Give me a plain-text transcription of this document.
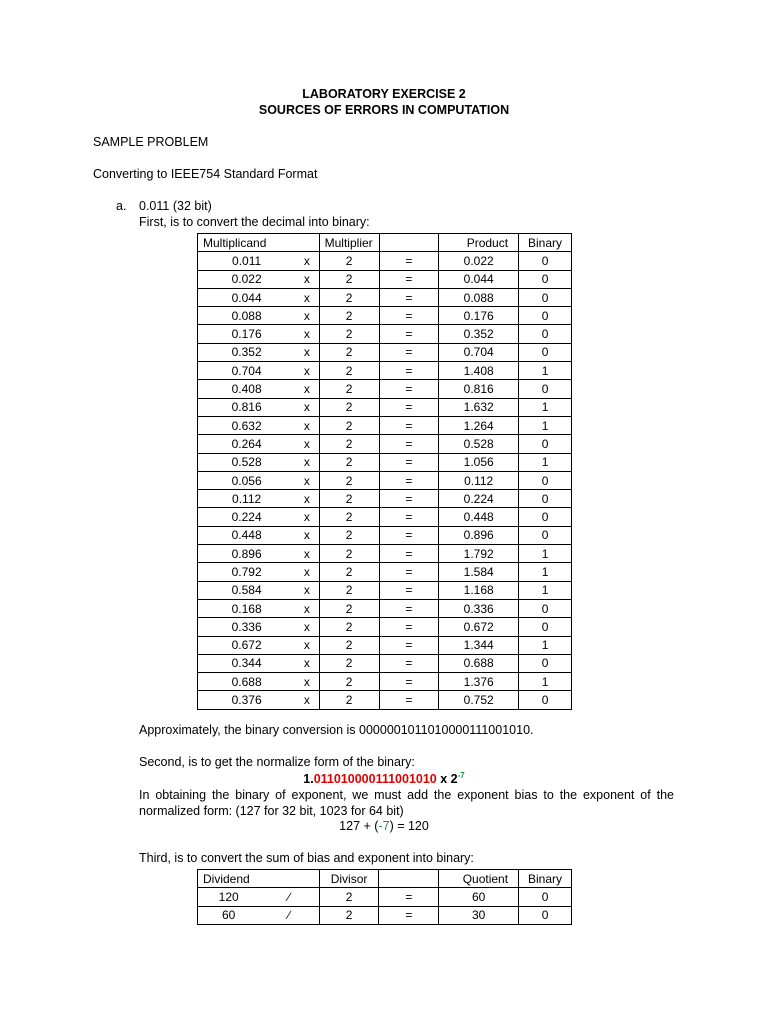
LABORATORY EXERCISE 2
SOURCES OF ERRORS IN COMPUTATION
SAMPLE PROBLEM
Converting to IEEE754 Standard Format
a. 0.011 (32 bit)
First, is to convert the decimal into binary:
Multiplicand		Multiplier		Product	Binary
0.011	x	2	=	0.022	0
0.022	x	2	=	0.044	0
0.044	x	2	=	0.088	0
0.088	x	2	=	0.176	0
0.176	x	2	=	0.352	0
0.352	x	2	=	0.704	0
0.704	x	2	=	1.408	1
0.408	x	2	=	0.816	0
0.816	x	2	=	1.632	1
0.632	x	2	=	1.264	1
0.264	x	2	=	0.528	0
0.528	x	2	=	1.056	1
0.056	x	2	=	0.112	0
0.112	x	2	=	0.224	0
0.224	x	2	=	0.448	0
0.448	x	2	=	0.896	0
0.896	x	2	=	1.792	1
0.792	x	2	=	1.584	1
0.584	x	2	=	1.168	1
0.168	x	2	=	0.336	0
0.336	x	2	=	0.672	0
0.672	x	2	=	1.344	1
0.344	x	2	=	0.688	0
0.688	x	2	=	1.376	1
0.376	x	2	=	0.752	0
Approximately, the binary conversion is 0000001011010000111001010.
Second, is to get the normalize form of the binary:
1.011010000111001010 x $2^{-7}$
In obtaining the binary of exponent, we must add the exponent bias to the exponent of the normalized form: (127 for 32 bit, 1023 for 64 bit)
127 + (-7) = 120
Third, is to convert the sum of bias and exponent into binary:
Dividend		Divisor		Quotient	Binary
120	∕	2	=	60	0
60	∕	2	=	30	0
